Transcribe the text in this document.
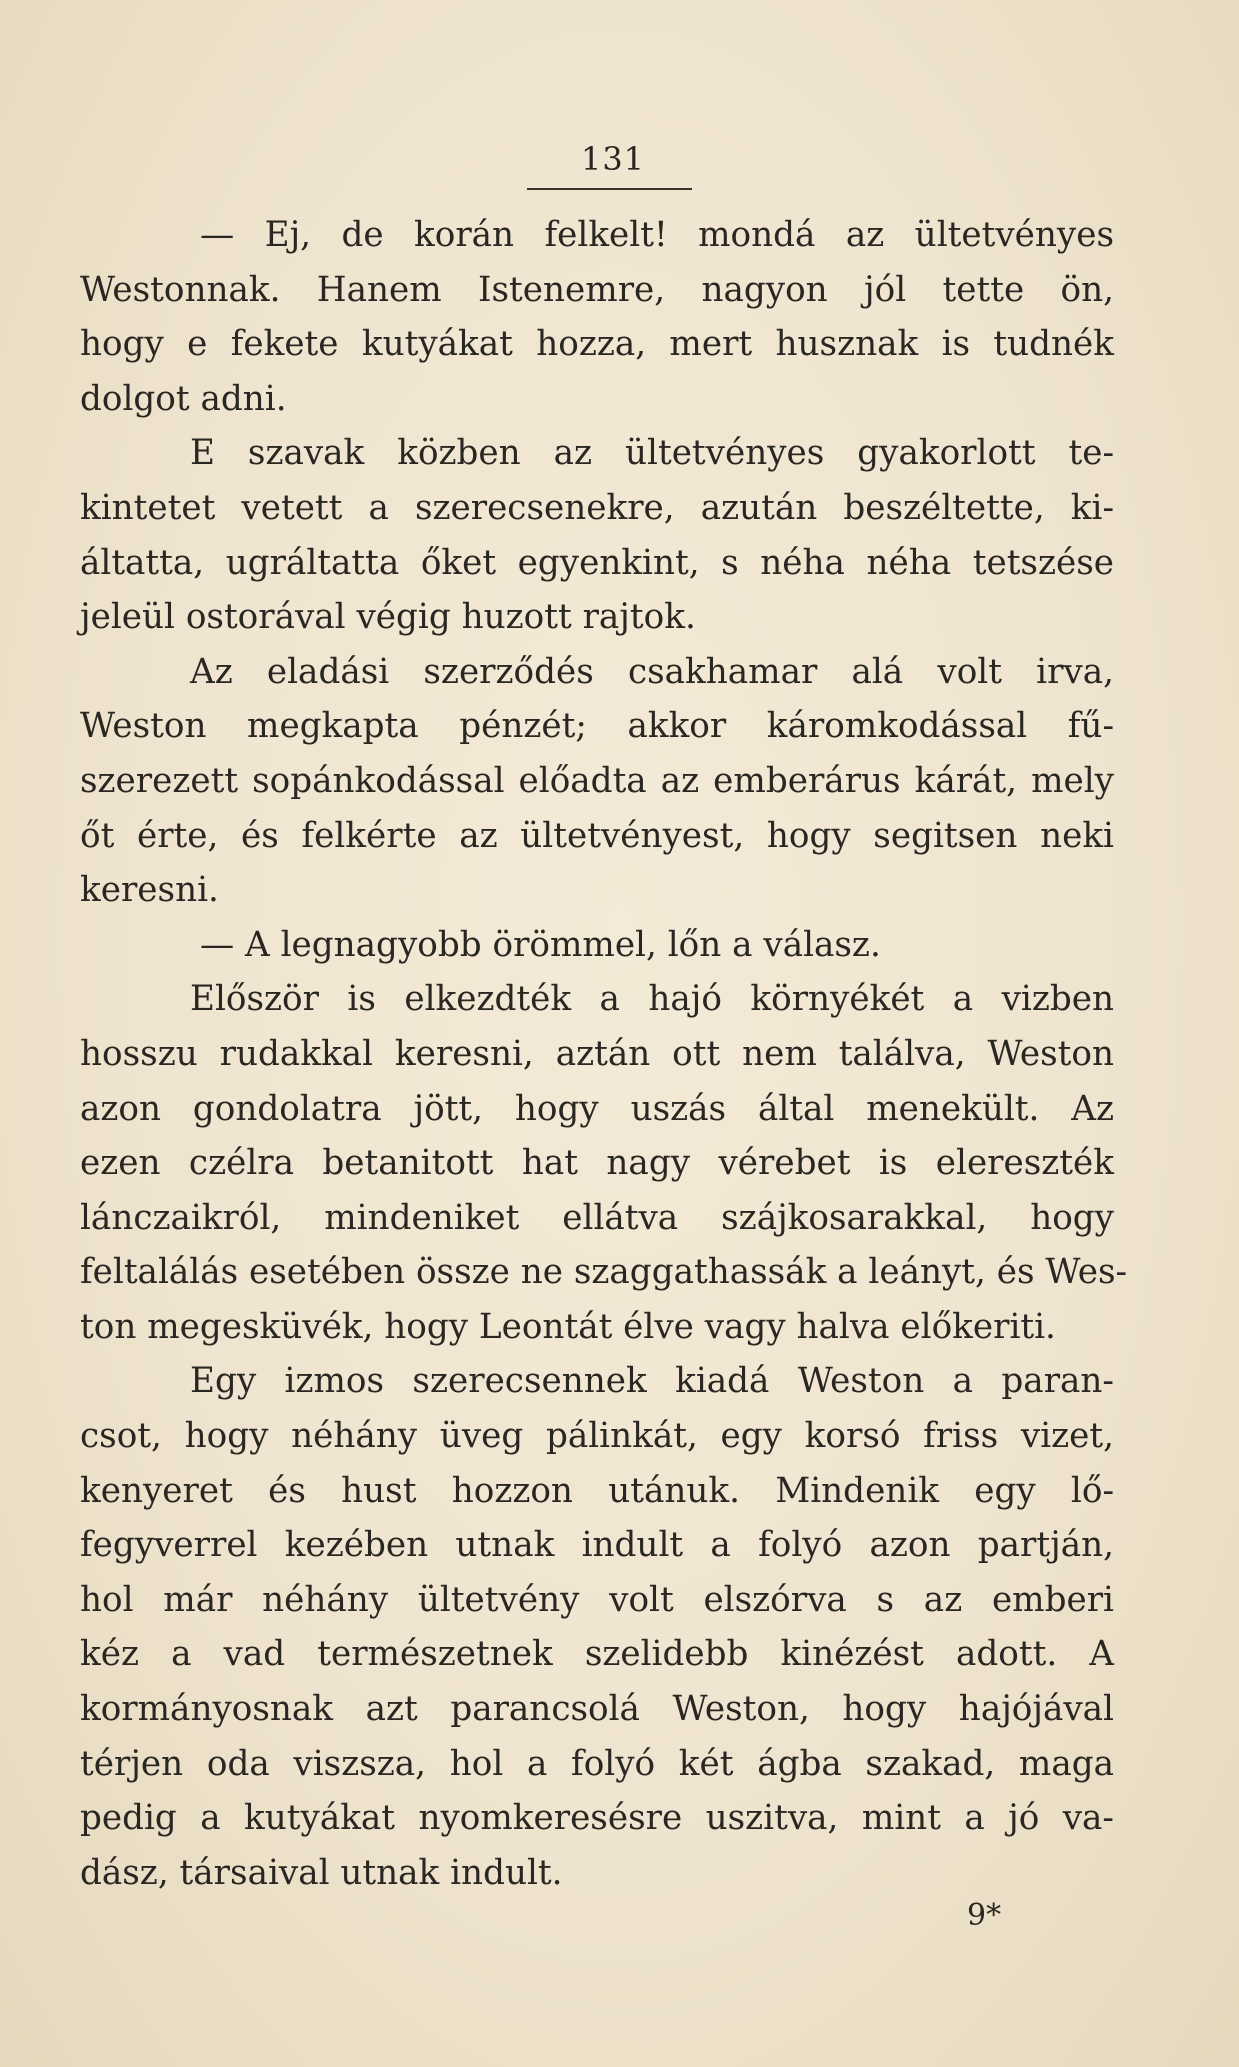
131
— Ej, de korán felkelt! mondá az ültetvényes
Westonnak. Hanem Istenemre, nagyon jól tette ön,
hogy e fekete kutyákat hozza, mert husznak is tudnék
dolgot adni.
E szavak közben az ültetvényes gyakorlott te-
kintetet vetett a szerecsenekre, azután beszéltette, ki-
áltatta, ugráltatta őket egyenkint, s néha néha tetszése
jeleül ostorával végig huzott rajtok.
Az eladási szerződés csakhamar alá volt irva,
Weston megkapta pénzét; akkor káromkodással fű-
szerezett sopánkodással előadta az emberárus kárát, mely
őt érte, és felkérte az ültetvényest, hogy segitsen neki
keresni.
— A legnagyobb örömmel, lőn a válasz.
Először is elkezdték a hajó környékét a vizben
hosszu rudakkal keresni, aztán ott nem találva, Weston
azon gondolatra jött, hogy uszás által menekült. Az
ezen czélra betanitott hat nagy vérebet is elereszték
lánczaikról, mindeniket ellátva szájkosarakkal, hogy
feltalálás esetében össze ne szaggathassák a leányt, és Wes-
ton megesküvék, hogy Leontát élve vagy halva előkeriti.
Egy izmos szerecsennek kiadá Weston a paran-
csot, hogy néhány üveg pálinkát, egy korsó friss vizet,
kenyeret és hust hozzon utánuk. Mindenik egy lő-
fegyverrel kezében utnak indult a folyó azon partján,
hol már néhány ültetvény volt elszórva s az emberi
kéz a vad természetnek szelidebb kinézést adott. A
kormányosnak azt parancsolá Weston, hogy hajójával
térjen oda viszsza, hol a folyó két ágba szakad, maga
pedig a kutyákat nyomkeresésre uszitva, mint a jó va-
dász, társaival utnak indult.
9*
